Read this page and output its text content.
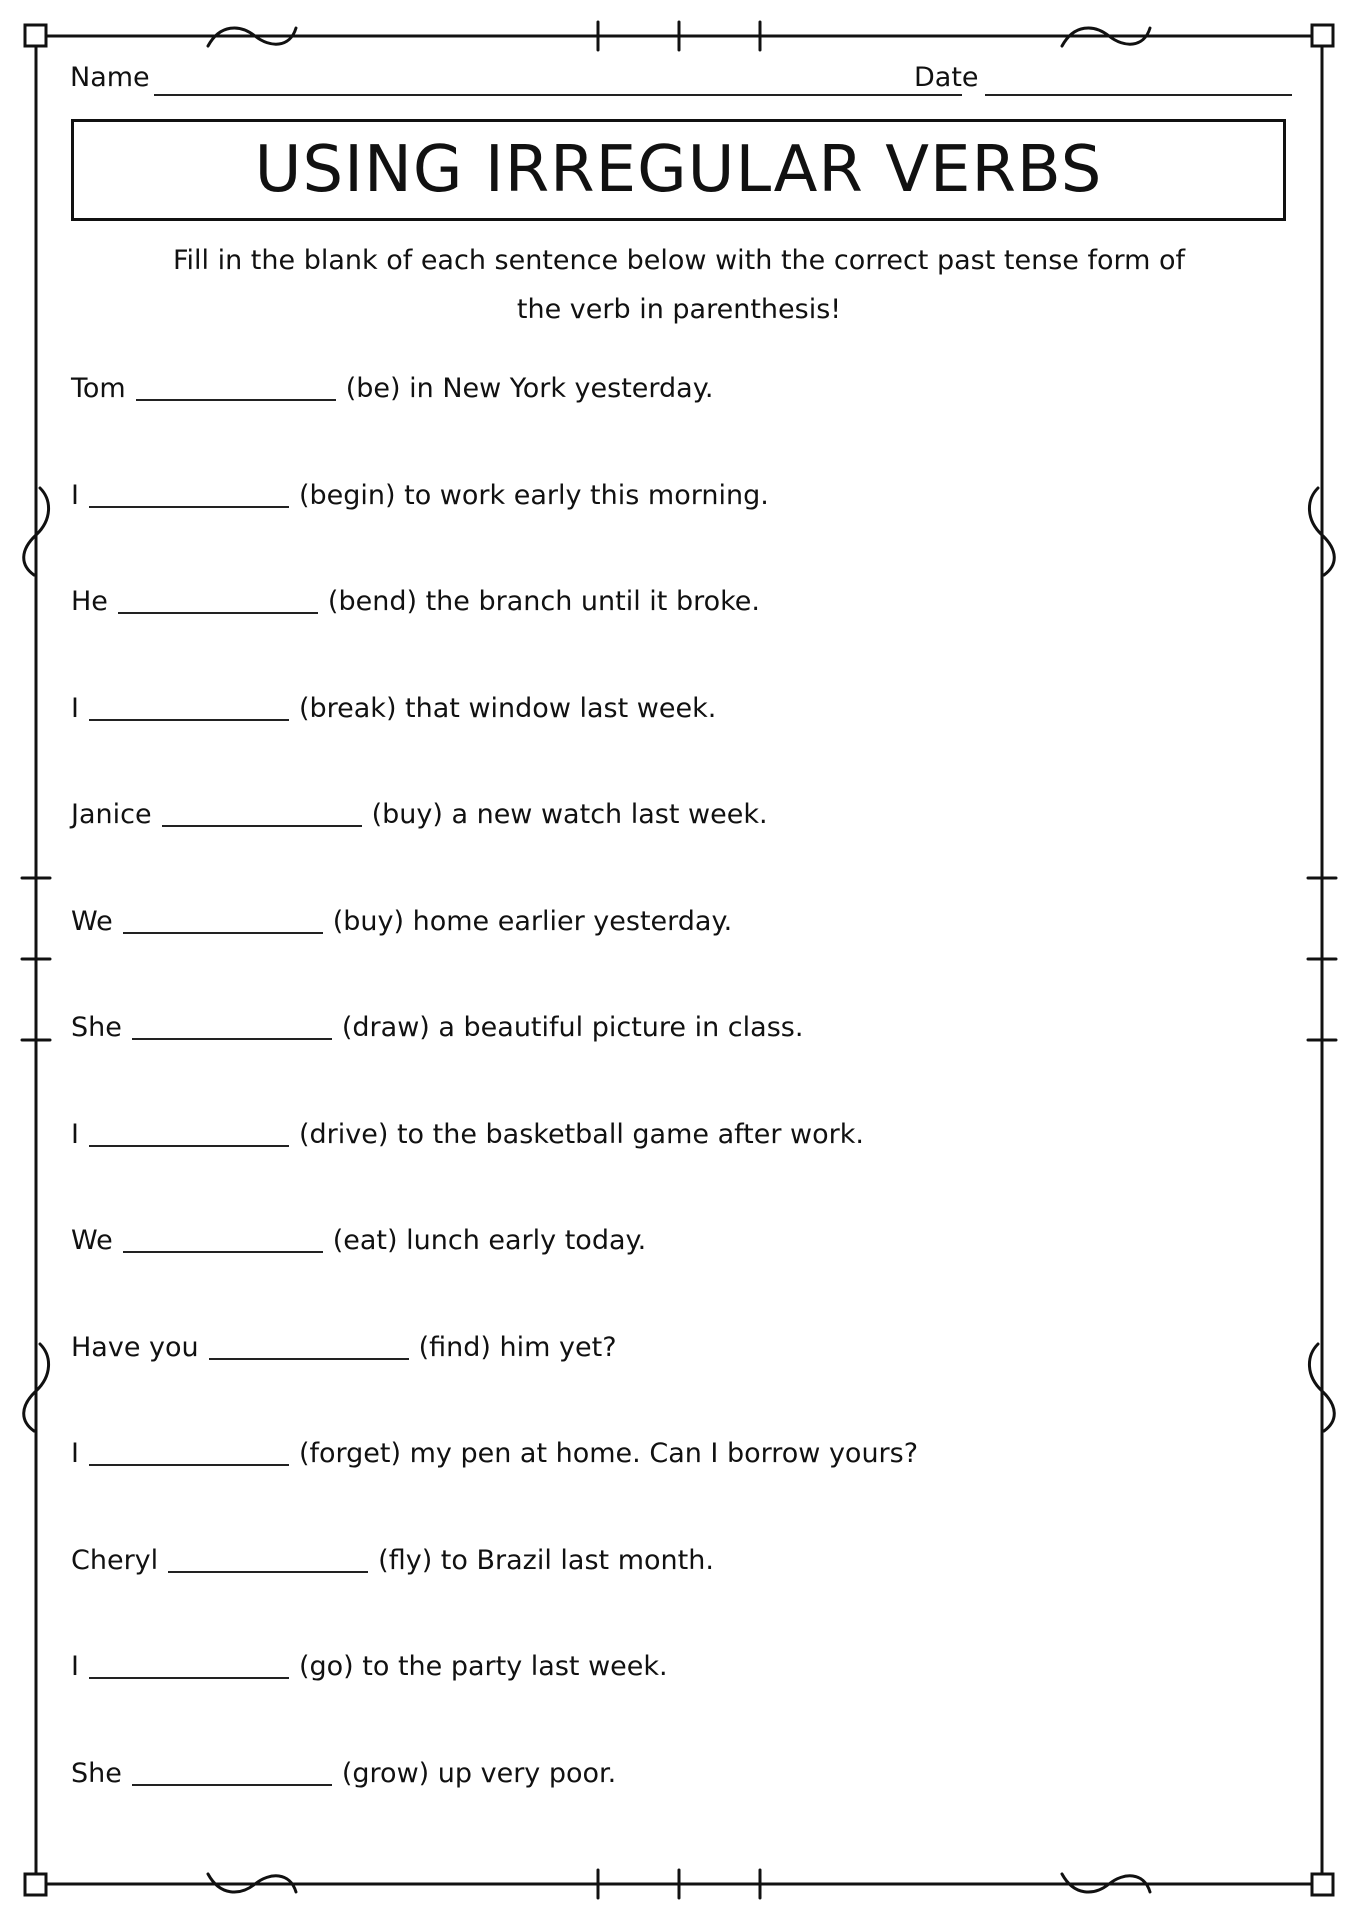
Name	Date
USING IRREGULAR VERBS
Fill in the blank of each sentence below with the correct past tense form of
the verb in parenthesis!
Tom	(be) in New York yesterday.
I	(begin) to work early this morning.
He	(bend) the branch until it broke.
I	(break) that window last week.
Janice	(buy) a new watch last week.
We	(buy) home earlier yesterday.
She	(draw) a beautiful picture in class.
I	(drive) to the basketball game after work.
We	(eat) lunch early today.
Have you	(find) him yet?
I	(forget) my pen at home. Can I borrow yours?
Cheryl	(fly) to Brazil last month.
I	(go) to the party last week.
She	(grow) up very poor.
